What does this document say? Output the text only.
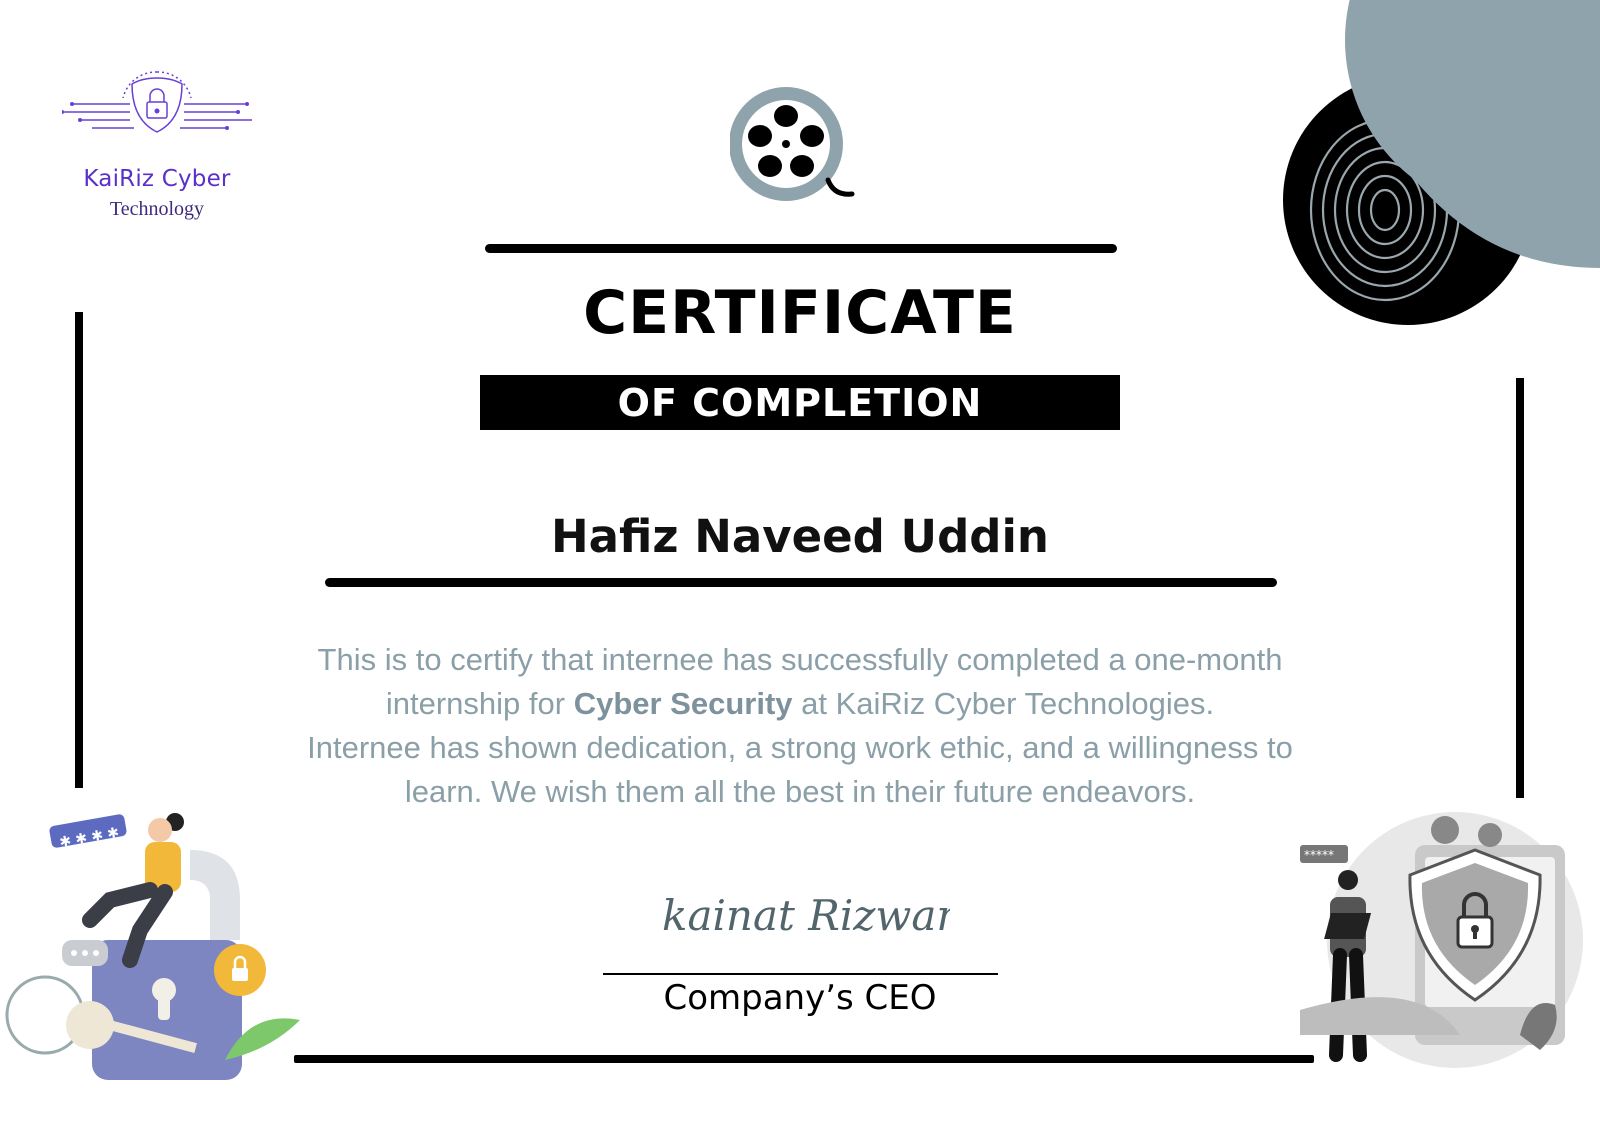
KaiRiz Cyber
Technology
CERTIFICATE
OF COMPLETION
Hafiz Naveed Uddin
This is to certify that internee has successfully completed a one-month internship for Cyber Security at KaiRiz Cyber Technologies.
Internee has shown dedication, a strong work ethic, and a willingness to learn. We wish them all the best in their future endeavors.
kainat Rizwan
Company’s CEO
✱ ✱ ✱ ✱
*****
